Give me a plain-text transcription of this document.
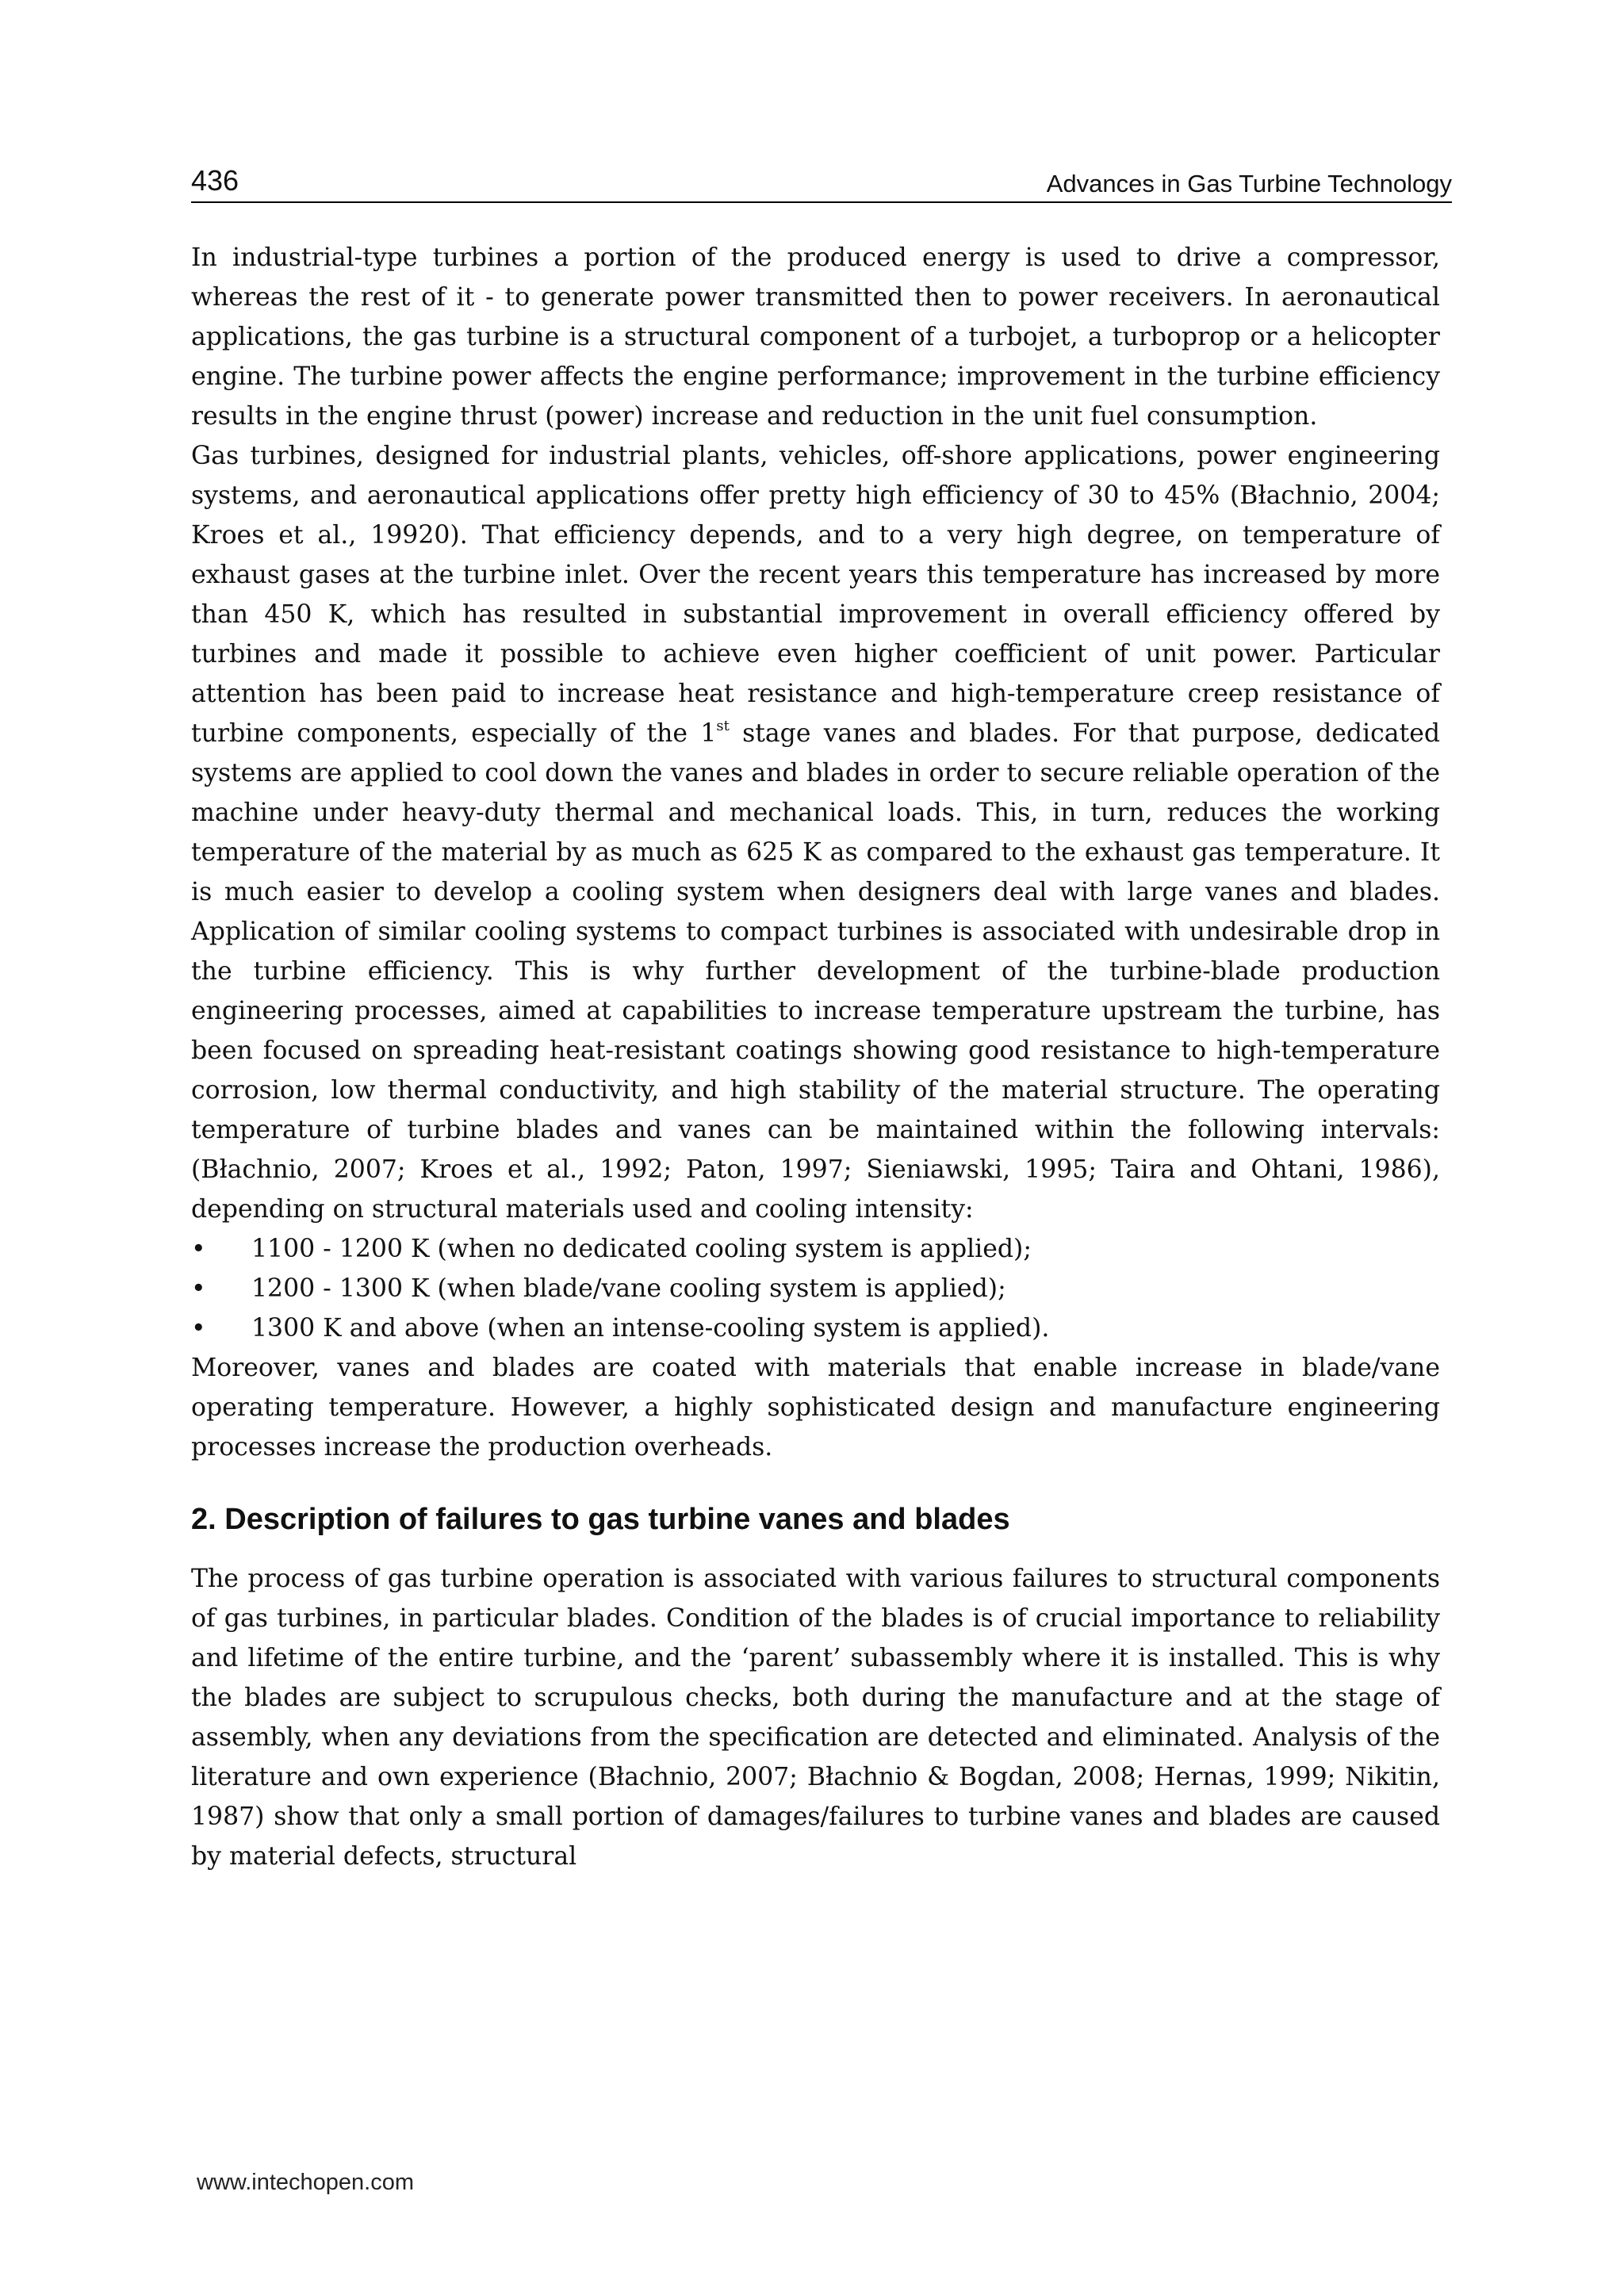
436	Advances in Gas Turbine Technology

In industrial-type turbines a portion of the produced energy is used to drive a compressor, whereas the rest of it - to generate power transmitted then to power receivers. In aeronautical applications, the gas turbine is a structural component of a turbojet, a turboprop or a helicopter engine. The turbine power affects the engine performance; improvement in the turbine efficiency results in the engine thrust (power) increase and reduction in the unit fuel consumption.

Gas turbines, designed for industrial plants, vehicles, off-shore applications, power engineering systems, and aeronautical applications offer pretty high efficiency of 30 to 45% (Błachnio, 2004; Kroes et al., 19920). That efficiency depends, and to a very high degree, on temperature of exhaust gases at the turbine inlet. Over the recent years this temperature has increased by more than 450 K, which has resulted in substantial improvement in overall efficiency offered by turbines and made it possible to achieve even higher coefficient of unit power. Particular attention has been paid to increase heat resistance and high-temperature creep resistance of turbine components, especially of the 1st stage vanes and blades. For that purpose, dedicated systems are applied to cool down the vanes and blades in order to secure reliable operation of the machine under heavy-duty thermal and mechanical loads. This, in turn, reduces the working temperature of the material by as much as 625 K as compared to the exhaust gas temperature. It is much easier to develop a cooling system when designers deal with large vanes and blades. Application of similar cooling systems to compact turbines is associated with undesirable drop in the turbine efficiency. This is why further development of the turbine-blade production engineering processes, aimed at capabilities to increase temperature upstream the turbine, has been focused on spreading heat-resistant coatings showing good resistance to high-temperature corrosion, low thermal conductivity, and high stability of the material structure. The operating temperature of turbine blades and vanes can be maintained within the following intervals: (Błachnio, 2007; Kroes et al., 1992; Paton, 1997; Sieniawski, 1995; Taira and Ohtani, 1986), depending on structural materials used and cooling intensity:

•	1100 - 1200 K (when no dedicated cooling system is applied);
•	1200 - 1300 K (when blade/vane cooling system is applied);
•	1300 K and above (when an intense-cooling system is applied).

Moreover, vanes and blades are coated with materials that enable increase in blade/vane operating temperature. However, a highly sophisticated design and manufacture engineering processes increase the production overheads.

2. Description of failures to gas turbine vanes and blades

The process of gas turbine operation is associated with various failures to structural components of gas turbines, in particular blades. Condition of the blades is of crucial importance to reliability and lifetime of the entire turbine, and the ‘parent’ subassembly where it is installed. This is why the blades are subject to scrupulous checks, both during the manufacture and at the stage of assembly, when any deviations from the specification are detected and eliminated. Analysis of the literature and own experience (Błachnio, 2007; Błachnio & Bogdan, 2008; Hernas, 1999; Nikitin, 1987) show that only a small portion of damages/failures to turbine vanes and blades are caused by material defects, structural

www.intechopen.com
